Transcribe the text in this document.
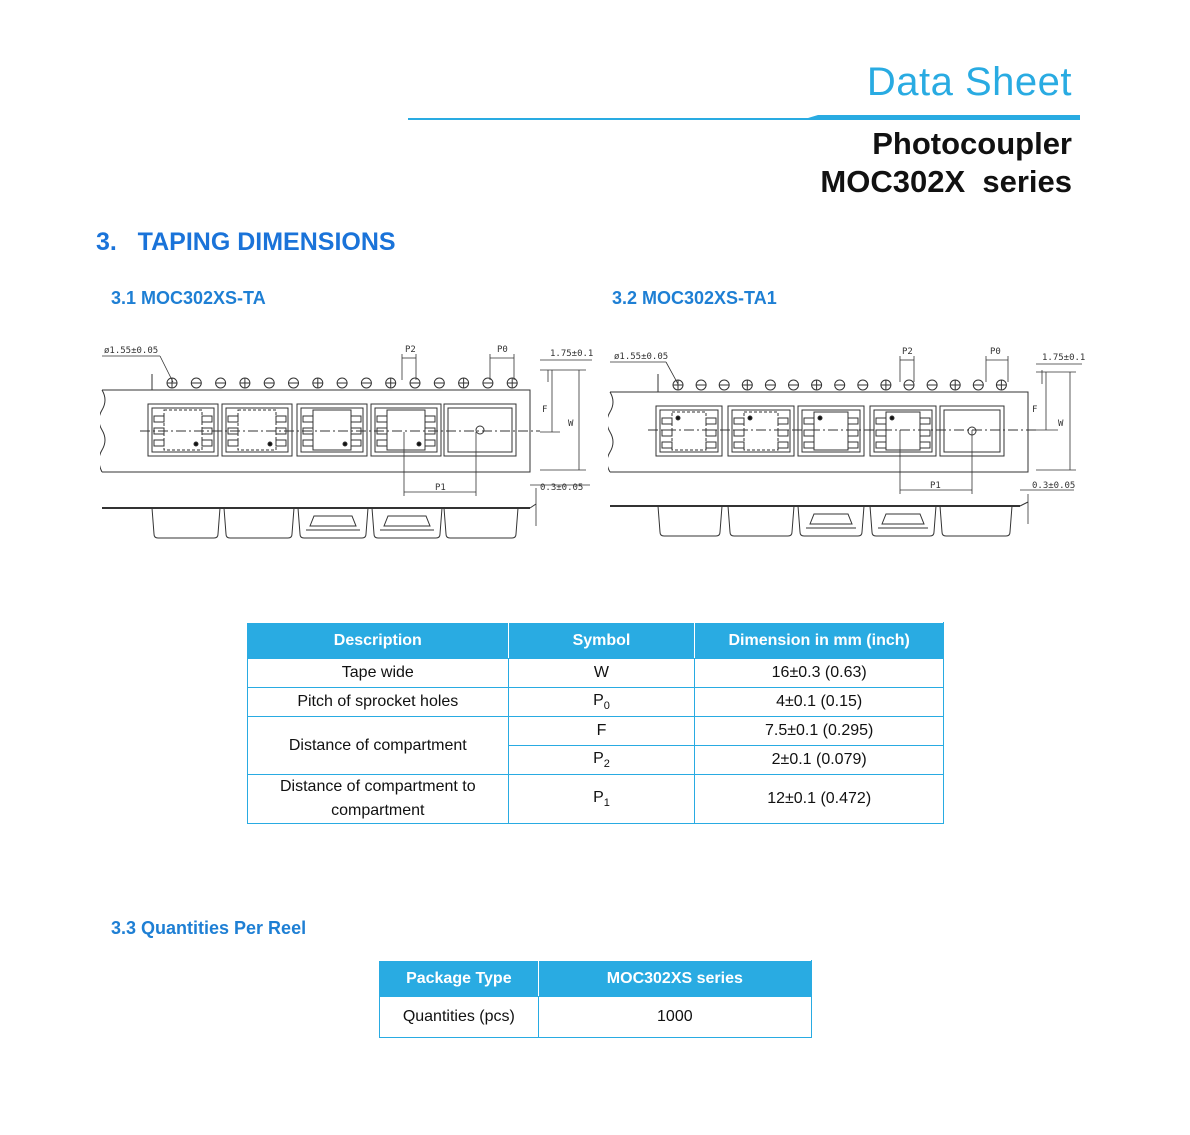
Data Sheet
Photocoupler
MOC302X  series
3.   TAPING DIMENSIONS
3.1 MOC302XS-TA	3.2 MOC302XS-TA1
ø1.55±0.05	P2	P0	1.75±0.1
F
W
P1	0.3±0.05
ø1.55±0.05	P2	P0
1.75±0.1
F
W
P1	0.3±0.05
Description	Symbol	Dimension in mm (inch)
Tape wide	W	16±0.3 (0.63)
Pitch of sprocket holes	$P_0$	4±0.1 (0.15)
Distance of compartment	F	7.5±0.1 (0.295)
	$P_2$	2±0.1 (0.079)
Distance of compartment to
compartment	$P_1$	12±0.1 (0.472)
3.3 Quantities Per Reel
Package Type	MOC302XS series
Quantities (pcs)	1000
